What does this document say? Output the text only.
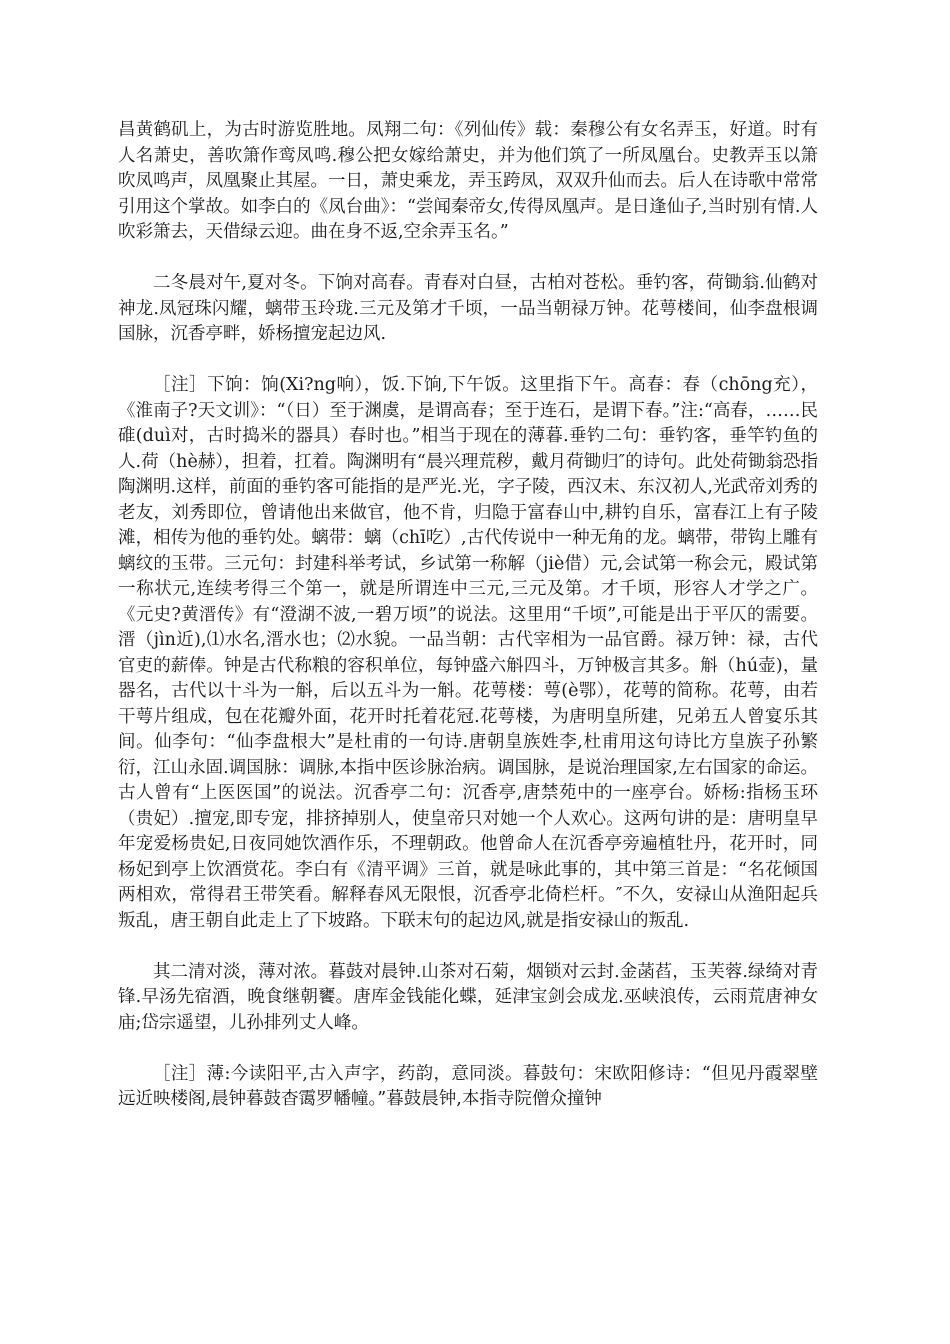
昌黄鹤矶上，为古时游览胜地。凤翔二句：《列仙传》载：秦穆公有女名弄玉，好道。时有人名萧史，善吹箫作鸾凤鸣.穆公把女嫁给萧史，并为他们筑了一所凤凰台。史教弄玉以箫吹凤鸣声，凤凰聚止其屋。一日，萧史乘龙，弄玉跨凤，双双升仙而去。后人在诗歌中常常引用这个掌故。如李白的《凤台曲》：“尝闻秦帝女,传得凤凰声。是日逢仙子,当时别有情.人吹彩箫去，天借绿云迎。曲在身不返,空余弄玉名。”

二冬晨对午,夏对冬。下饷对高春。青春对白昼，古柏对苍松。垂钓客，荷锄翁.仙鹤对神龙.凤冠珠闪耀，螭带玉玲珑.三元及第才千顷，一品当朝禄万钟。花萼楼间，仙李盘根调国脉，沉香亭畔，娇杨擅宠起边风.

［注］下饷：饷(Xi?ng响），饭.下饷,下午饭。这里指下午。高春：春（chōng充），《淮南子?天文训》：“（日）至于渊虞，是谓高春；至于连石，是谓下春。”注:“高春，……民碓(duì对，古时捣米的器具）春时也。”相当于现在的薄暮.垂钓二句：垂钓客，垂竿钓鱼的人.荷（hè赫），担着，扛着。陶渊明有“晨兴理荒秽，戴月荷锄归″的诗句。此处荷锄翁恐指陶渊明.这样，前面的垂钓客可能指的是严光.光，字子陵，西汉末、东汉初人,光武帝刘秀的老友，刘秀即位，曾请他出来做官，他不肯，归隐于富春山中,耕钓自乐，富春江上有子陵滩，相传为他的垂钓处。螭带：螭（chī吃）,古代传说中一种无角的龙。螭带，带钩上雕有螭纹的玉带。三元句：封建科举考试，乡试第一称解（jiè借）元,会试第一称会元，殿试第一称状元,连续考得三个第一，就是所谓连中三元,三元及第。才千顷，形容人才学之广。《元史?黄溍传》有“澄湖不波,一碧万顷”的说法。这里用“千顷”,可能是出于平仄的需要。溍（jìn近),⑴水名,溍水也；⑵水貌。一品当朝：古代宰相为一品官爵。禄万钟：禄，古代官吏的薪俸。钟是古代称粮的容积单位，每钟盛六斛四斗，万钟极言其多。斛（hú壶)，量器名，古代以十斗为一斛，后以五斗为一斛。花萼楼：萼(è鄂），花萼的简称。花萼，由若干萼片组成，包在花瓣外面，花开时托着花冠.花萼楼，为唐明皇所建，兄弟五人曾宴乐其间。仙李句：“仙李盘根大”是杜甫的一句诗.唐朝皇族姓李,杜甫用这句诗比方皇族子孙繁衍，江山永固.调国脉：调脉,本指中医诊脉治病。调国脉，是说治理国家,左右国家的命运。古人曾有“上医医国”的说法。沉香亭二句：沉香亭,唐禁苑中的一座亭台。娇杨:指杨玉环（贵妃）.擅宠,即专宠，排挤掉别人，使皇帝只对她一个人欢心。这两句讲的是：唐明皇早年宠爱杨贵妃,日夜同她饮酒作乐，不理朝政。他曾命人在沉香亭旁遍植牡丹，花开时，同杨妃到亭上饮酒赏花。李白有《清平调》三首，就是咏此事的，其中第三首是：“名花倾国两相欢，常得君王带笑看。解释春风无限恨，沉香亭北倚栏杆。″不久，安禄山从渔阳起兵叛乱，唐王朝自此走上了下坡路。下联末句的起边风,就是指安禄山的叛乱.

其二清对淡，薄对浓。暮鼓对晨钟.山茶对石菊，烟锁对云封.金菡萏，玉芙蓉.绿绮对青锋.早汤先宿酒，晚食继朝饔。唐库金钱能化蝶，延津宝剑会成龙.巫峡浪传，云雨荒唐神女庙;岱宗遥望，儿孙排列丈人峰。

［注］薄:今读阳平,古入声字，药韵，意同淡。暮鼓句：宋欧阳修诗：“但见丹霞翠壁远近映楼阁,晨钟暮鼓杳霭罗幡幢。”暮鼓晨钟,本指寺院僧众撞钟
